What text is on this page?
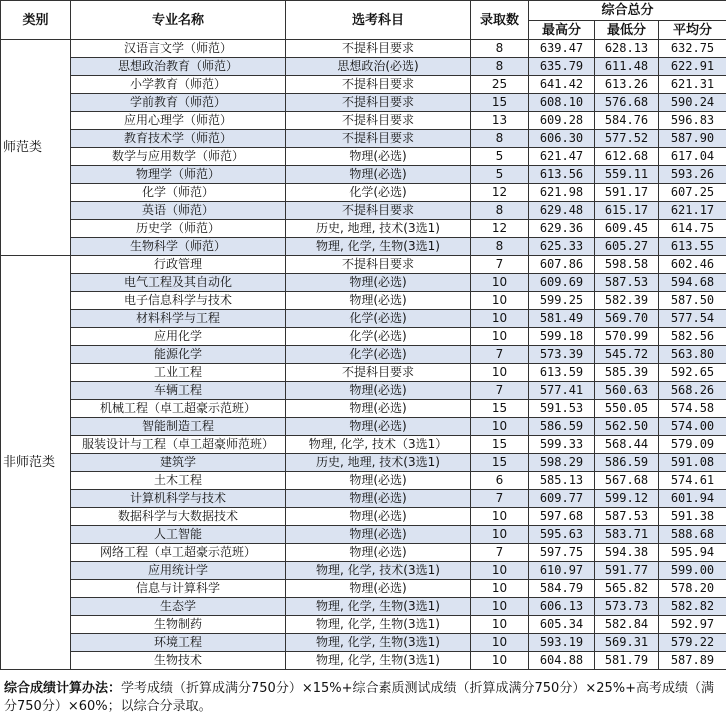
类别	专业名称	选考科目	录取数	综合总分		
				最高分	最低分	平均分
师范类	汉语言文学（师范）	不提科目要求	8	639.47	628.13	632.75
	思想政治教育（师范）	思想政治(必选)	8	635.79	611.48	622.91
	小学教育（师范）	不提科目要求	25	641.42	613.26	621.31
	学前教育（师范）	不提科目要求	15	608.10	576.68	590.24
	应用心理学（师范）	不提科目要求	13	609.28	584.76	596.83
	教育技术学（师范）	不提科目要求	8	606.30	577.52	587.90
	数学与应用数学（师范）	物理(必选)	5	621.47	612.68	617.04
	物理学（师范）	物理(必选)	5	613.56	559.11	593.26
	化学（师范）	化学(必选)	12	621.98	591.17	607.25
	英语（师范）	不提科目要求	8	629.48	615.17	621.17
	历史学（师范）	历史, 地理, 技术(3选1)	12	629.36	609.45	614.75
	生物科学（师范）	物理, 化学, 生物(3选1)	8	625.33	605.27	613.55
非师范类	行政管理	不提科目要求	7	607.86	598.58	602.46
	电气工程及其自动化	物理(必选)	10	609.69	587.53	594.68
	电子信息科学与技术	物理(必选)	10	599.25	582.39	587.50
	材料科学与工程	化学(必选)	10	581.49	569.70	577.54
	应用化学	化学(必选)	10	599.18	570.99	582.56
	能源化学	化学(必选)	7	573.39	545.72	563.80
	工业工程	不提科目要求	10	613.59	585.39	592.65
	车辆工程	物理(必选)	7	577.41	560.63	568.26
	机械工程（卓工超豪示范班）	物理(必选)	15	591.53	550.05	574.58
	智能制造工程	物理(必选)	10	586.59	562.50	574.00
	服装设计与工程（卓工超豪师范班）	物理, 化学, 技术（3选1）	15	599.33	568.44	579.09
	建筑学	历史, 地理, 技术(3选1)	15	598.29	586.59	591.08
	土木工程	物理(必选)	6	585.13	567.68	574.61
	计算机科学与技术	物理(必选)	7	609.77	599.12	601.94
	数据科学与大数据技术	物理(必选)	10	597.68	587.53	591.38
	人工智能	物理(必选)	10	595.63	583.71	588.68
	网络工程（卓工超豪示范班）	物理(必选)	7	597.75	594.38	595.94
	应用统计学	物理, 化学, 技术(3选1)	10	610.97	591.77	599.00
	信息与计算科学	物理(必选)	10	584.79	565.82	578.20
	生态学	物理, 化学, 生物(3选1)	10	606.13	573.73	582.82
	生物制药	物理, 化学, 生物(3选1)	10	605.34	582.84	592.97
	环境工程	物理, 化学, 生物(3选1)	10	593.19	569.31	579.22
	生物技术	物理, 化学, 生物(3选1)	10	604.88	581.79	587.89
综合成绩计算办法：学考成绩（折算成满分750分）×15%+综合素质测试成绩（折算成满分750分）×25%+高考成绩（满分750分）×60%；以综合分录取。
